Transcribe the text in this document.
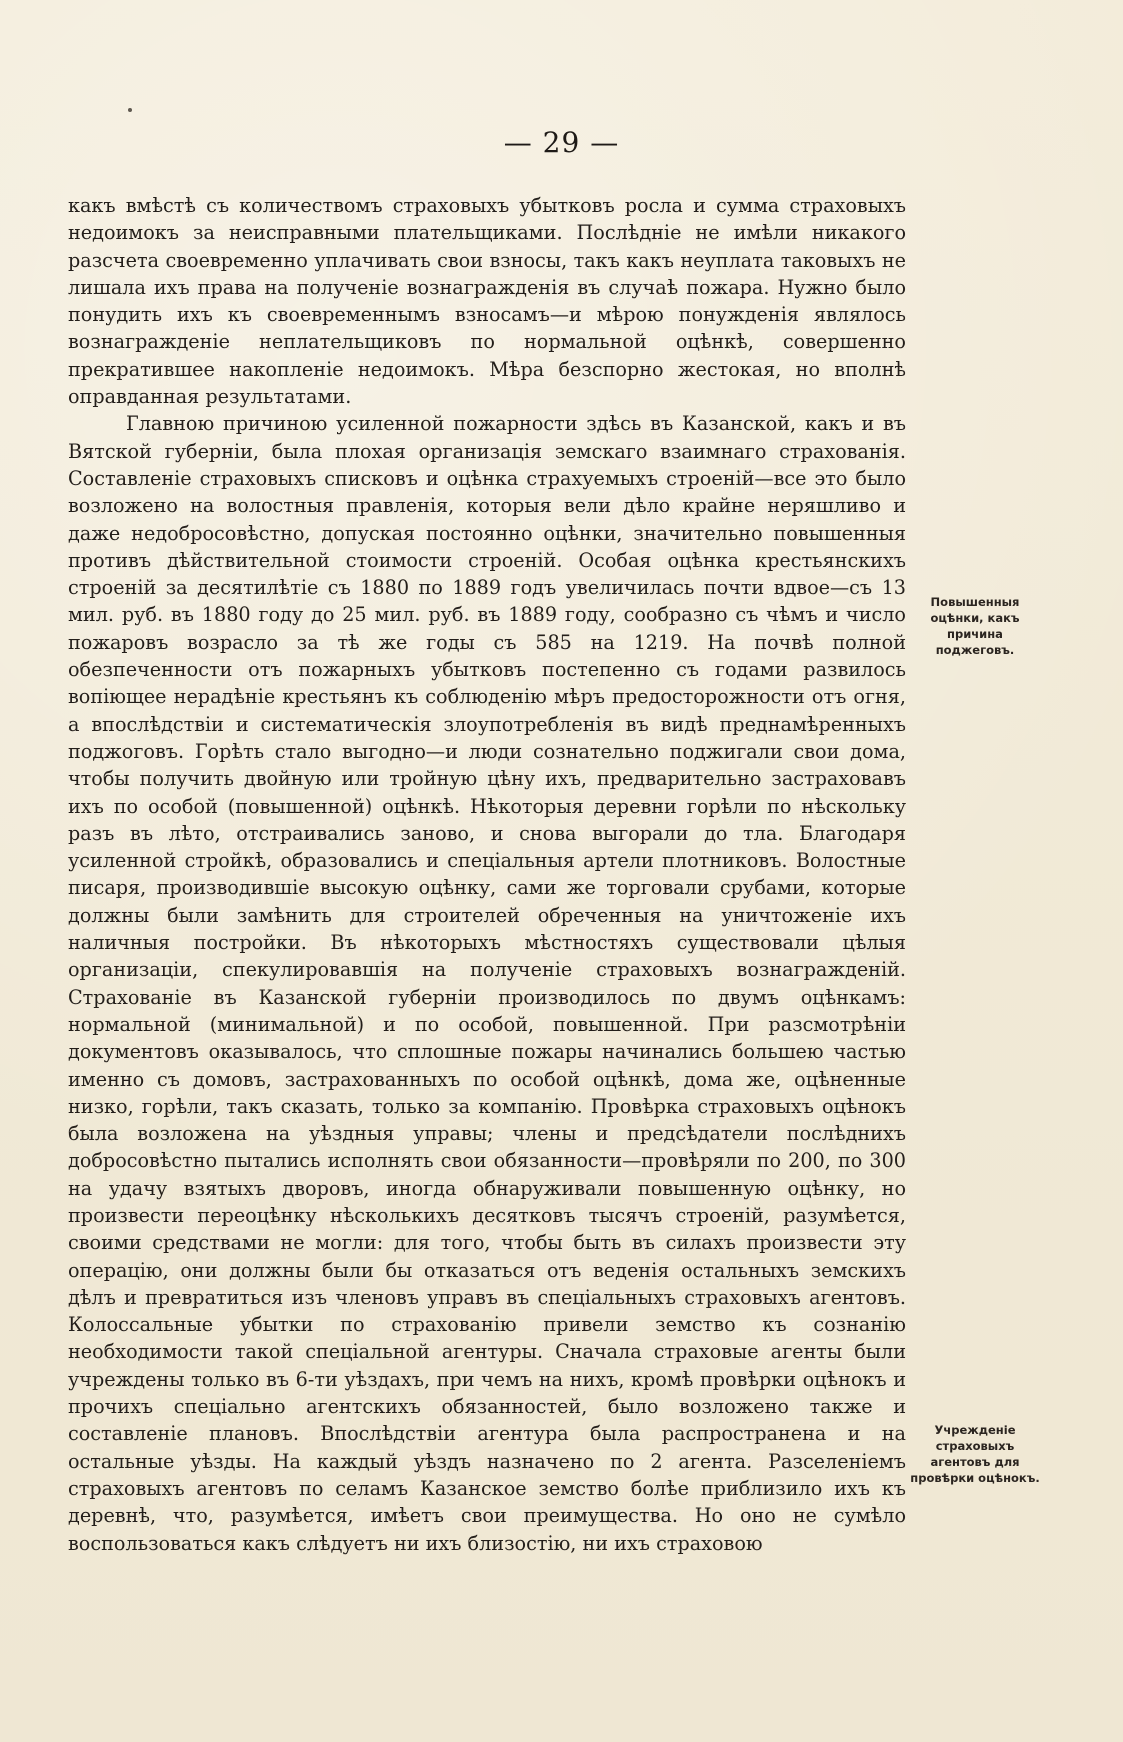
— 29 —

какъ вмѣстѣ съ количествомъ страховыхъ убытковъ росла и сумма страховыхъ недоимокъ за неисправными плательщиками. Послѣдніе не имѣли никакого разсчета своевременно уплачивать свои взносы, такъ какъ неуплата таковыхъ не лишала ихъ права на полученіе вознагражденія въ случаѣ пожара. Нужно было понудить ихъ къ своевременнымъ взносамъ—и мѣрою понужденія являлось вознагражденіе неплательщиковъ по нормальной оцѣнкѣ, совершенно прекратившее накопленіе недоимокъ. Мѣра безспорно жестокая, но вполнѣ оправданная результатами.

Главною причиною усиленной пожарности здѣсь въ Казанской, какъ и въ Вятской губерніи, была плохая организація земскаго взаимнаго страхованія. Составленіе страховыхъ списковъ и оцѣнка страхуемыхъ строеній—все это было возложено на волостныя правленія, которыя вели дѣло крайне неряшливо и даже недобросовѣстно, допуская постоянно оцѣнки, значительно повышенныя противъ дѣйствительной стоимости строеній. Особая оцѣнка крестьянскихъ строеній за десятилѣтіе съ 1880 по 1889 годъ увеличилась почти вдвое—съ 13 мил. руб. въ 1880 году до 25 мил. руб. въ 1889 году, сообразно съ чѣмъ и число пожаровъ возрасло за тѣ же годы съ 585 на 1219. На почвѣ полной обезпеченности отъ пожарныхъ убытковъ постепенно съ годами развилось вопіющее нерадѣніе крестьянъ къ соблюденію мѣръ предосторожности отъ огня, а впослѣдствіи и систематическія злоупотребленія въ видѣ преднамѣренныхъ поджоговъ. Горѣть стало выгодно—и люди сознательно поджигали свои дома, чтобы получить двойную или тройную цѣну ихъ, предварительно застраховавъ ихъ по особой (повышенной) оцѣнкѣ. Нѣкоторыя деревни горѣли по нѣскольку разъ въ лѣто, отстраивались заново, и снова выгорали до тла. Благодаря усиленной стройкѣ, образовались и спеціальныя артели плотниковъ. Волостные писаря, производившіе высокую оцѣнку, сами же торговали срубами, которые должны были замѣнить для строителей обреченныя на уничтоженіе ихъ наличныя постройки. Въ нѣкоторыхъ мѣстностяхъ существовали цѣлыя организаціи, спекулировавшія на полученіе страховыхъ вознагражденій. Страхованіе въ Казанской губерніи производилось по двумъ оцѣнкамъ: нормальной (минимальной) и по особой, повышенной. При разсмотрѣніи документовъ оказывалось, что сплошные пожары начинались большею частью именно съ домовъ, застрахованныхъ по особой оцѣнкѣ, дома же, оцѣненные низко, горѣли, такъ сказать, только за компанію. Провѣрка страховыхъ оцѣнокъ была возложена на уѣздныя управы; члены и предсѣдатели послѣднихъ добросовѣстно пытались исполнять свои обязанности—провѣряли по 200, по 300 на удачу взятыхъ дворовъ, иногда обнаруживали повышенную оцѣнку, но произвести переоцѣнку нѣсколькихъ десятковъ тысячъ строеній, разумѣется, своими средствами не могли: для того, чтобы быть въ силахъ произвести эту операцію, они должны были бы отказаться отъ веденія остальныхъ земскихъ дѣлъ и превратиться изъ членовъ управъ въ спеціальныхъ страховыхъ агентовъ. Колоссальные убытки по страхованію привели земство къ сознанію необходимости такой спеціальной агентуры. Сначала страховые агенты были учреждены только въ 6-ти уѣздахъ, при чемъ на нихъ, кромѣ провѣрки оцѣнокъ и прочихъ спеціально агентскихъ обязанностей, было возложено также и составленіе плановъ. Впослѣдствіи агентура была распространена и на остальные уѣзды. На каждый уѣздъ назначено по 2 агента. Разселеніемъ страховыхъ агентовъ по селамъ Казанское земство болѣе приблизило ихъ къ деревнѣ, что, разумѣется, имѣетъ свои преимущества. Но оно не сумѣло воспользоваться какъ слѣдуетъ ни ихъ близостію, ни ихъ страховою

Повышенныя оцѣнки, какъ причина поджеговъ.
Учрежденіе страховыхъ агентовъ для провѣрки оцѣнокъ.
